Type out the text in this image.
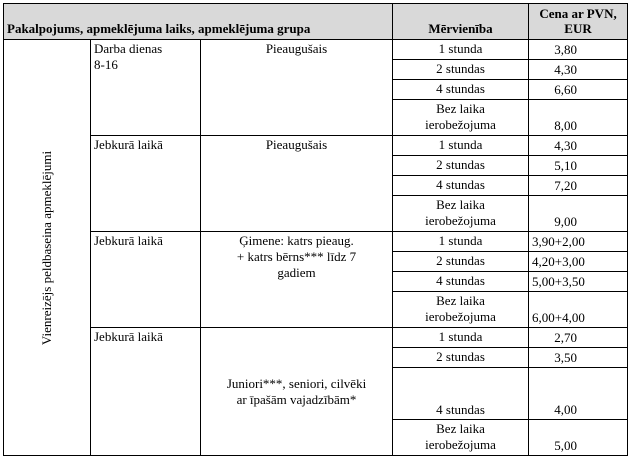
Pakalpojums, apmeklējuma laiks, apmeklējuma grupa			Mērvienība	Cena ar PVN,
EUR

Vienreizējs peldbaseina apmeklējumi	Darba dienas
8-16	Pieaugušais	1 stunda	3,80
			2 stundas	4,30
			4 stundas	6,60
			Bez laika
ierobežojuma	8,00
	Jebkurā laikā	Pieaugušais	1 stunda	4,30
			2 stundas	5,10
			4 stundas	7,20
			Bez laika
ierobežojuma	9,00
	Jebkurā laikā	Ģimene: katrs pieaug.
+ katrs bērns*** līdz 7
gadiem	1 stunda	3,90+2,00
			2 stundas	4,20+3,00
			4 stundas	5,00+3,50
			Bez laika
ierobežojuma	6,00+4,00
	Jebkurā laikā	Juniori***, seniori, cilvēki
ar īpašām vajadzībām*	1 stunda	2,70
			2 stundas	3,50
			4 stundas	4,00
			Bez laika
ierobežojuma	5,00
